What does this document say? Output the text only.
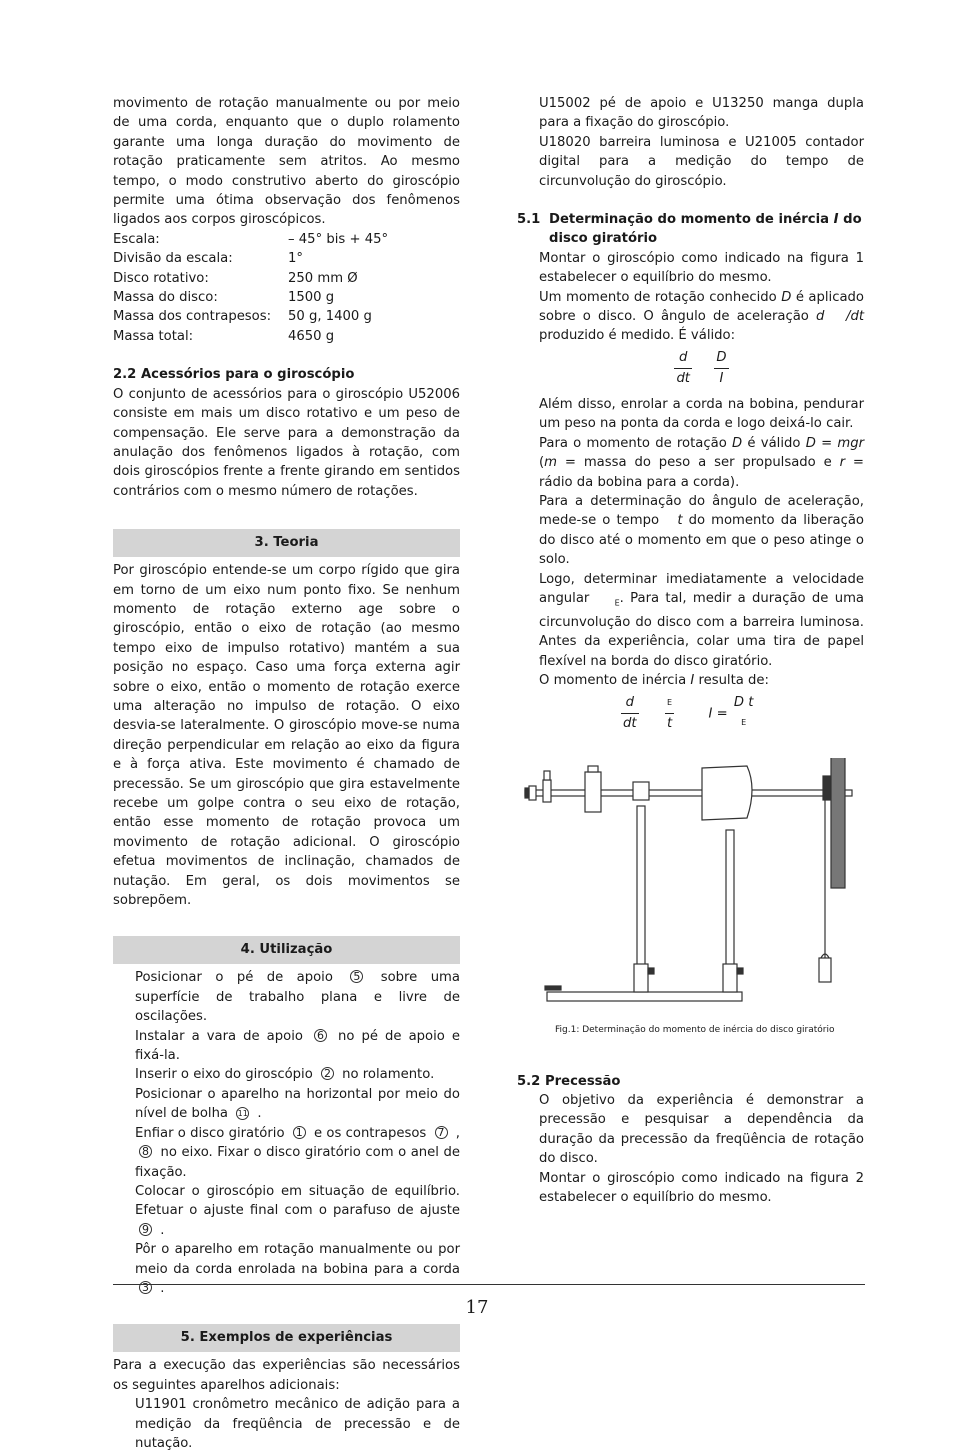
movimento de rotação manualmente ou por meio de uma corda, enquanto que o duplo rolamento garante uma longa duração do movimento de rotação praticamente sem atritos. Ao mesmo tempo, o modo construtivo aberto do giroscópio permite uma ótima observação dos fenômenos ligados aos corpos giroscópicos.

Escala:	– 45° bis + 45°
Divisão da escala:	1°
Disco rotativo:	250 mm Ø
Massa do disco:	1500 g
Massa dos contrapesos:	50 g, 1400 g
Massa total:	4650 g

2.2 Acessórios para o giroscópio

O conjunto de acessórios para o giroscópio U52006 consiste em mais um disco rotativo e um peso de compensação. Ele serve para a demonstração da anulação dos fenômenos ligados à rotação, com dois giroscópios frente a frente girando em sentidos contrários com o mesmo número de rotações.

3. Teoria

Por giroscópio entende-se um corpo rígido que gira em torno de um eixo num ponto fixo. Se nenhum momento de rotação externo age sobre o giroscópio, então o eixo de rotação (ao mesmo tempo eixo de impulso rotativo) mantém a sua posição no espaço. Caso uma força externa agir sobre o eixo, então o momento de rotação exerce uma alteração no impulso de rotação. O eixo desvia-se lateralmente. O giroscópio move-se numa direção perpendicular em relação ao eixo da figura e à força ativa. Este movimento é chamado de precessão. Se um giroscópio que gira estavelmente recebe um golpe contra o seu eixo de rotação, então esse momento de rotação provoca um movimento de rotação adicional. O giroscópio efetua movimentos de inclinação, chamados de nutação. Em geral, os dois movimentos se sobrepõem.

4. Utilização

Posicionar o pé de apoio 5 sobre uma superfície de trabalho plana e livre de oscilações.

Instalar a vara de apoio 6 no pé de apoio e fixá-la.

Inserir o eixo do giroscópio 2 no rolamento.

Posicionar o aparelho na horizontal por meio do nível de bolha 11 .

Enfiar o disco giratório 1 e os contrapesos 7 , 8 no eixo. Fixar o disco giratório com o anel de fixação.

Colocar o giroscópio em situação de equilíbrio. Efetuar o ajuste final com o parafuso de ajuste 9 .

Pôr o aparelho em rotação manualmente ou por meio da corda enrolada na bobina para a corda 3 .

5. Exemplos de experiências

Para a execução das experiências são necessários os seguintes aparelhos adicionais:

U11901 cronômetro mecânico de adição para a medição da freqüência de precessão e de nutação.

U15002 pé de apoio e U13250 manga dupla para a fixação do giroscópio.

U18020 barreira luminosa e U21005 contador digital para a medição do tempo de circunvolução do giroscópio.

5.1 Determinação do momento de inércia I do disco giratório

Montar o giroscópio como indicado na figura 1 estabelecer o equilíbrio do mesmo.

Um momento de rotação conhecido D é aplicado sobre o disco. O ângulo de aceleração d /dt produzido é medido. É válido:

$\frac{d}{dt}$
$\frac{D}{I}$

Além disso, enrolar a corda na bobina, pendurar um peso na ponta da corda e logo deixá-lo cair.

Para o momento de rotação D é válido D = mgr (m = massa do peso a ser propulsado e r = rádio da bobina para a corda).

Para a determinação do ângulo de aceleração, mede-se o tempo   t do momento da liberação do disco até o momento em que o peso atinge o solo.

Logo, determinar imediatamente a velocidade angular    $_E$. Para tal, medir a duração de uma circunvolução do disco com a barreira luminosa. Antes da experiência, colar uma tira de papel flexível na borda do disco giratório.

O momento de inércia I resulta de:

$\frac{d}{dt}$
	$\frac{E}{t}$	I =
D t
E

Fig.1: Determinação do momento de inércia do disco giratório

5.2 Precessão

O objetivo da experiência é demonstrar a precessão e pesquisar a dependência da duração da precessão da freqüência de rotação do disco.

Montar o giroscópio como indicado na figura 2 estabelecer o equilíbrio do mesmo.

17
